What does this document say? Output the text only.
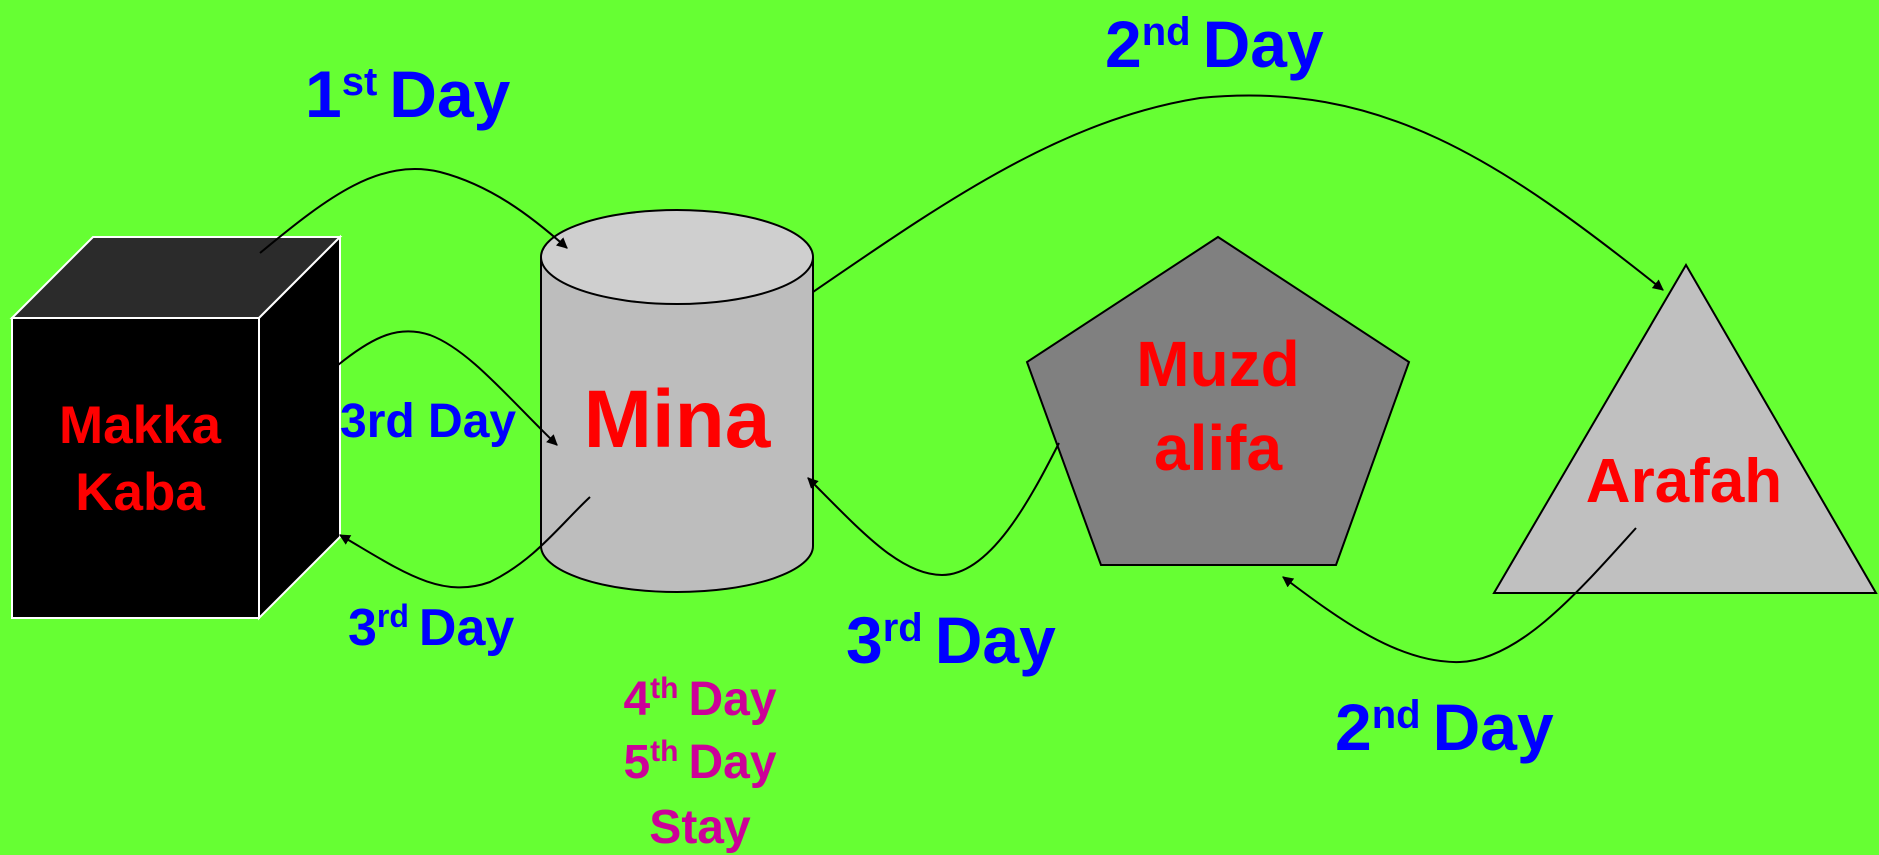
Makka
Kaba
Mina
Muzd
alifa	Arafah
1st Day
2nd Day
2nd Day
3rd Day
3rd Day
3rd Day
4th Day
5th Day
Stay
